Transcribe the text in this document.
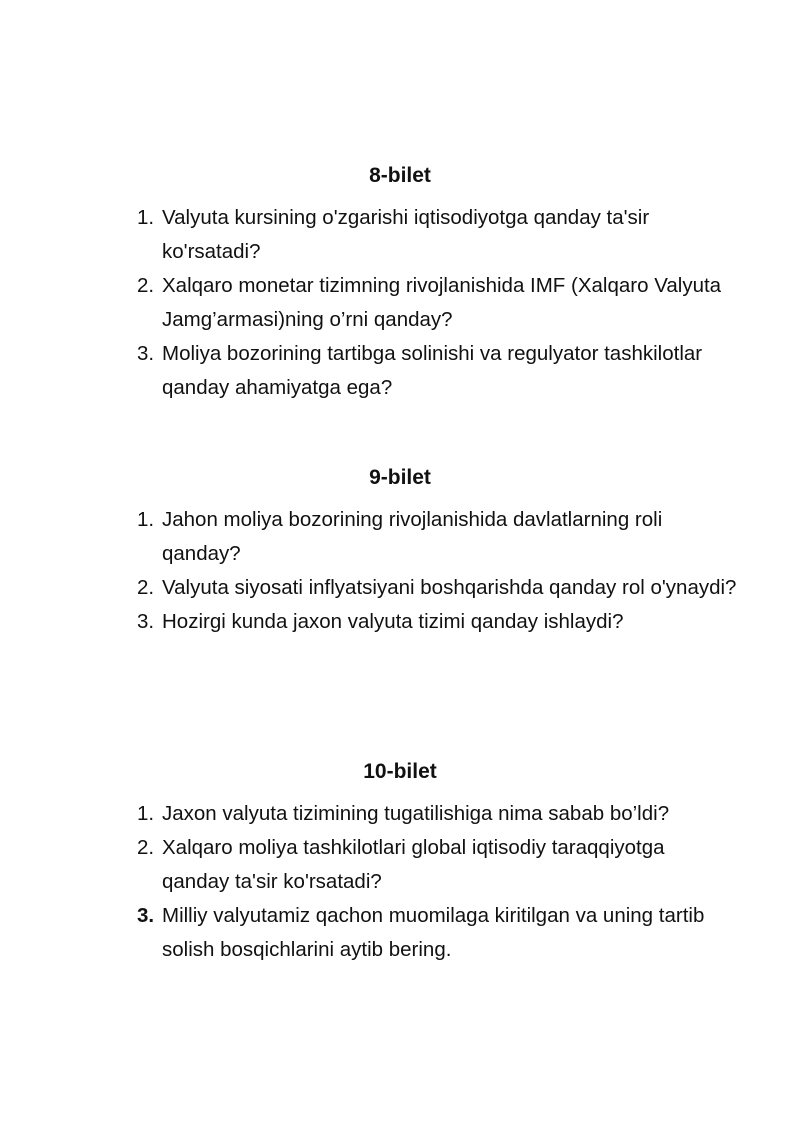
8-bilet
1. Valyuta kursining o'zgarishi iqtisodiyotga qanday ta'sir ko'rsatadi?
2. Xalqaro monetar tizimning rivojlanishida IMF (Xalqaro Valyuta Jamg’armasi)ning o’rni qanday?
3. Moliya bozorining tartibga solinishi va regulyator tashkilotlar qanday ahamiyatga ega?
9-bilet
1. Jahon moliya bozorining rivojlanishida davlatlarning roli qanday?
2. Valyuta siyosati inflyatsiyani boshqarishda qanday rol o'ynaydi?
3. Hozirgi kunda jaxon valyuta tizimi qanday ishlaydi?
10-bilet
1. Jaxon valyuta tizimining tugatilishiga nima sabab bo’ldi?
2. Xalqaro moliya tashkilotlari global iqtisodiy taraqqiyotga qanday ta'sir ko'rsatadi?
3. Milliy valyutamiz qachon muomilaga kiritilgan va uning tartib solish bosqichlarini aytib bering.
